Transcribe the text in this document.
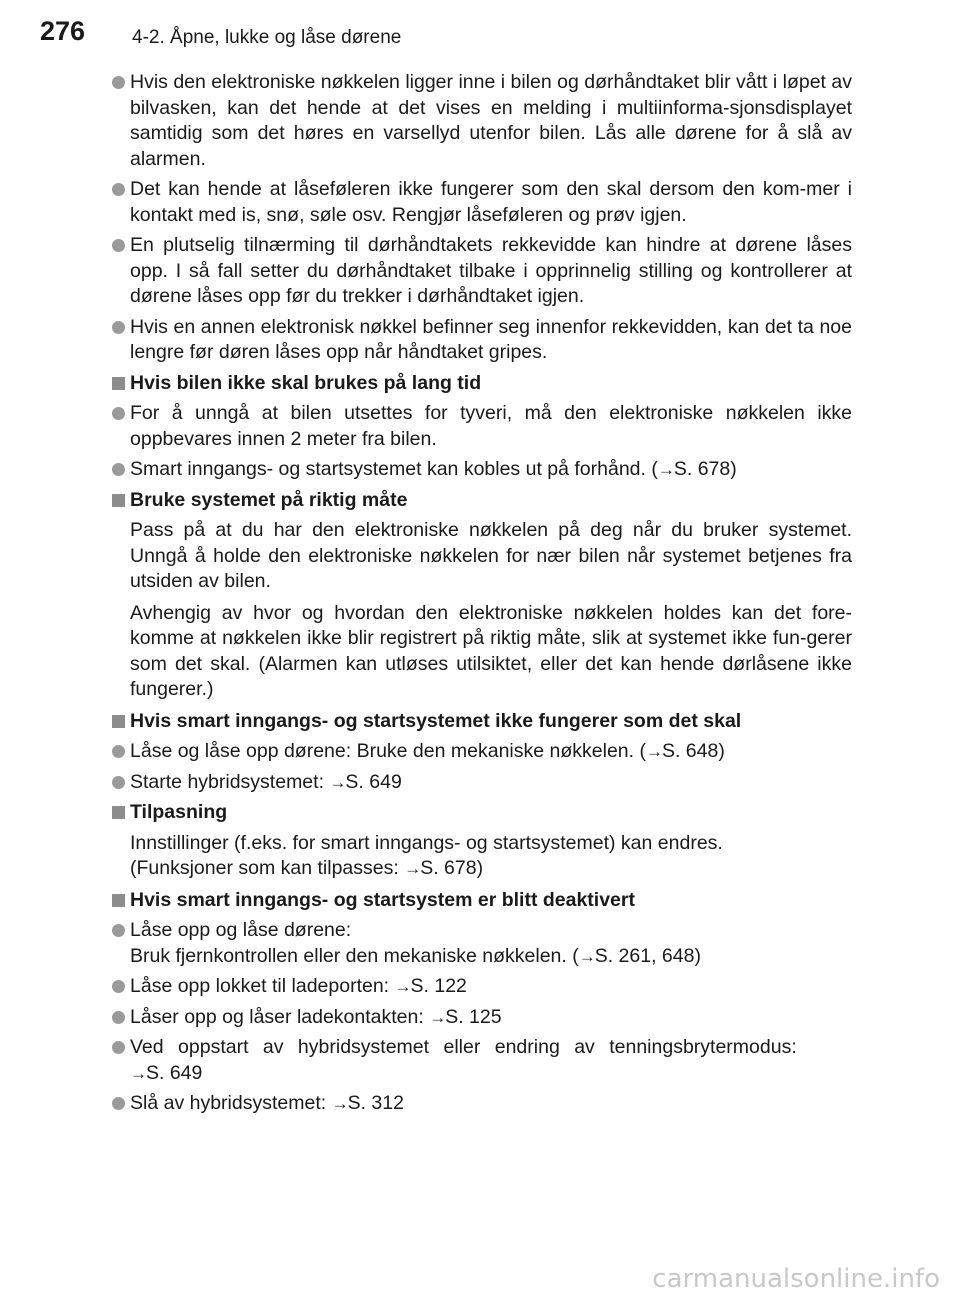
276 4-2. Åpne, lukke og låse dørene
Hvis den elektroniske nøkkelen ligger inne i bilen og dørhåndtaket blir vått i løpet av bilvasken, kan det hende at det vises en melding i multiinforma-sjonsdisplayet samtidig som det høres en varsellyd utenfor bilen. Lås alle dørene for å slå av alarmen.
Det kan hende at låseføleren ikke fungerer som den skal dersom den kom-mer i kontakt med is, snø, søle osv. Rengjør låseføleren og prøv igjen.
En plutselig tilnærming til dørhåndtakets rekkevidde kan hindre at dørene låses opp. I så fall setter du dørhåndtaket tilbake i opprinnelig stilling og kontrollerer at dørene låses opp før du trekker i dørhåndtaket igjen.
Hvis en annen elektronisk nøkkel befinner seg innenfor rekkevidden, kan det ta noe lengre før døren låses opp når håndtaket gripes.
Hvis bilen ikke skal brukes på lang tid
For å unngå at bilen utsettes for tyveri, må den elektroniske nøkkelen ikke oppbevares innen 2 meter fra bilen.
Smart inngangs- og startsystemet kan kobles ut på forhånd. (→S. 678)
Bruke systemet på riktig måte
Pass på at du har den elektroniske nøkkelen på deg når du bruker systemet. Unngå å holde den elektroniske nøkkelen for nær bilen når systemet betjenes fra utsiden av bilen.
Avhengig av hvor og hvordan den elektroniske nøkkelen holdes kan det fore-komme at nøkkelen ikke blir registrert på riktig måte, slik at systemet ikke fun-gerer som det skal. (Alarmen kan utløses utilsiktet, eller det kan hende dørlåsene ikke fungerer.)
Hvis smart inngangs- og startsystemet ikke fungerer som det skal
Låse og låse opp dørene: Bruke den mekaniske nøkkelen. (→S. 648)
Starte hybridsystemet: →S. 649
Tilpasning
Innstillinger (f.eks. for smart inngangs- og startsystemet) kan endres.
(Funksjoner som kan tilpasses: →S. 678)
Hvis smart inngangs- og startsystem er blitt deaktivert
Låse opp og låse dørene:
Bruk fjernkontrollen eller den mekaniske nøkkelen. (→S. 261, 648)
Låse opp lokket til ladeporten: →S. 122
Låser opp og låser ladekontakten: →S. 125
Ved oppstart av hybridsystemet eller endring av tenningsbrytermodus:
→S. 649
Slå av hybridsystemet: →S. 312
carmanualsonline.info
